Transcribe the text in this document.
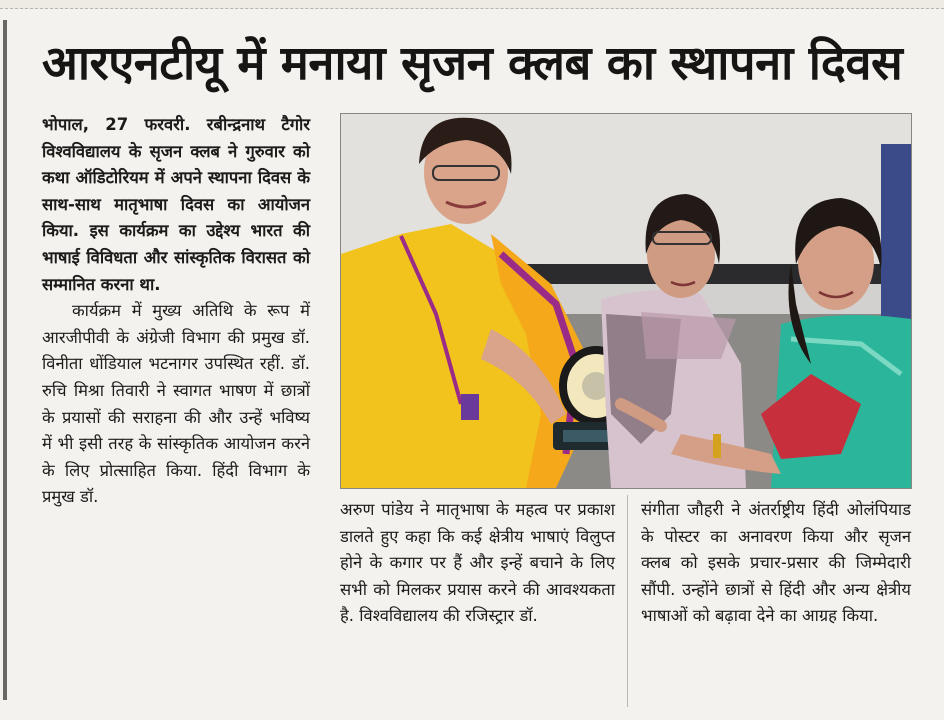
आरएनटीयू में मनाया सृजन क्लब का स्थापना दिवस

भोपाल, 27 फरवरी. रबीन्द्रनाथ टैगोर विश्वविद्यालय के सृजन क्लब ने गुरुवार को कथा ऑडिटोरियम में अपने स्थापना दिवस के साथ-साथ मातृभाषा दिवस का आयोजन किया. इस कार्यक्रम का उद्देश्य भारत की भाषाई विविधता और सांस्कृतिक विरासत को सम्मानित करना था.

कार्यक्रम में मुख्य अतिथि के रूप में आरजीपीवी के अंग्रेजी विभाग की प्रमुख डॉ. विनीता धोंडियाल भटनागर उपस्थित रहीं. डॉ. रुचि मिश्रा तिवारी ने स्वागत भाषण में छात्रों के प्रयासों की सराहना की और उन्हें भविष्य में भी इसी तरह के सांस्कृतिक आयोजन करने के लिए प्रोत्साहित किया. हिंदी विभाग के प्रमुख डॉ.

अरुण पांडेय ने मातृभाषा के महत्व पर प्रकाश डालते हुए कहा कि कई क्षेत्रीय भाषाएं विलुप्त होने के कगार पर हैं और इन्हें बचाने के लिए सभी को मिलकर प्रयास करने की आवश्यकता है. विश्वविद्यालय की रजिस्ट्रार डॉ.
संगीता जौहरी ने अंतर्राष्ट्रीय हिंदी ओलंपियाड के पोस्टर का अनावरण किया और सृजन क्लब को इसके प्रचार-प्रसार की जिम्मेदारी सौंपी. उन्होंने छात्रों से हिंदी और अन्य क्षेत्रीय भाषाओं को बढ़ावा देने का आग्रह किया.
